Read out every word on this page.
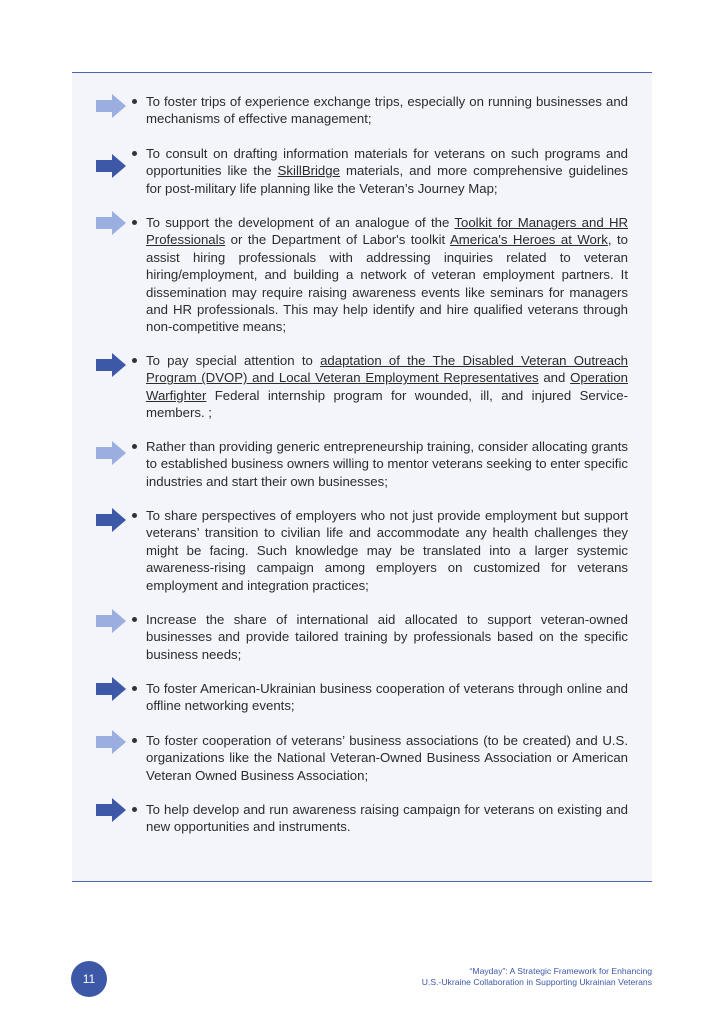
To foster trips of experience exchange trips, especially on running businesses and mechanisms of effective management;

To consult on drafting information materials for veterans on such programs and opportunities like the SkillBridge materials, and more comprehensive guidelines for post-military life planning like the Veteran’s Journey Map;

To support the development of an analogue of the Toolkit for Managers and HR Professionals or the Department of Labor's toolkit America's Heroes at Work, to assist hiring professionals with addressing inquiries related to veteran hiring/employment, and building a network of veteran employment partners. It dissemination may require raising awareness events like seminars for managers and HR professionals. This may help identify and hire qualified veterans through non-competitive means;

To pay special attention to adaptation of the The Disabled Veteran Outreach Program (DVOP) and Local Veteran Employment Representatives and Operation Warfighter Federal internship program for wounded, ill, and injured Service-members. ;

Rather than providing generic entrepreneurship training, consider allocating grants to established business owners willing to mentor veterans seeking to enter specific industries and start their own businesses;

To share perspectives of employers who not just provide employment but support veterans’ transition to civilian life and accommodate any health challenges they might be facing. Such knowledge may be translated into a larger systemic awareness-rising campaign among employers on customized for veterans employment and integration practices;

Increase the share of international aid allocated to support veteran-owned businesses and provide tailored training by professionals based on the specific business needs;

To foster American-Ukrainian business cooperation of veterans through online and offline networking events;

To foster cooperation of veterans’ business associations (to be created) and U.S. organizations like the National Veteran-Owned Business Association or American Veteran Owned Business Association;

To help develop and run awareness raising campaign for veterans on existing and new opportunities and instruments.

11
“Mayday”: A Strategic Framework for Enhancing
U.S.-Ukraine Collaboration in Supporting Ukrainian Veterans
